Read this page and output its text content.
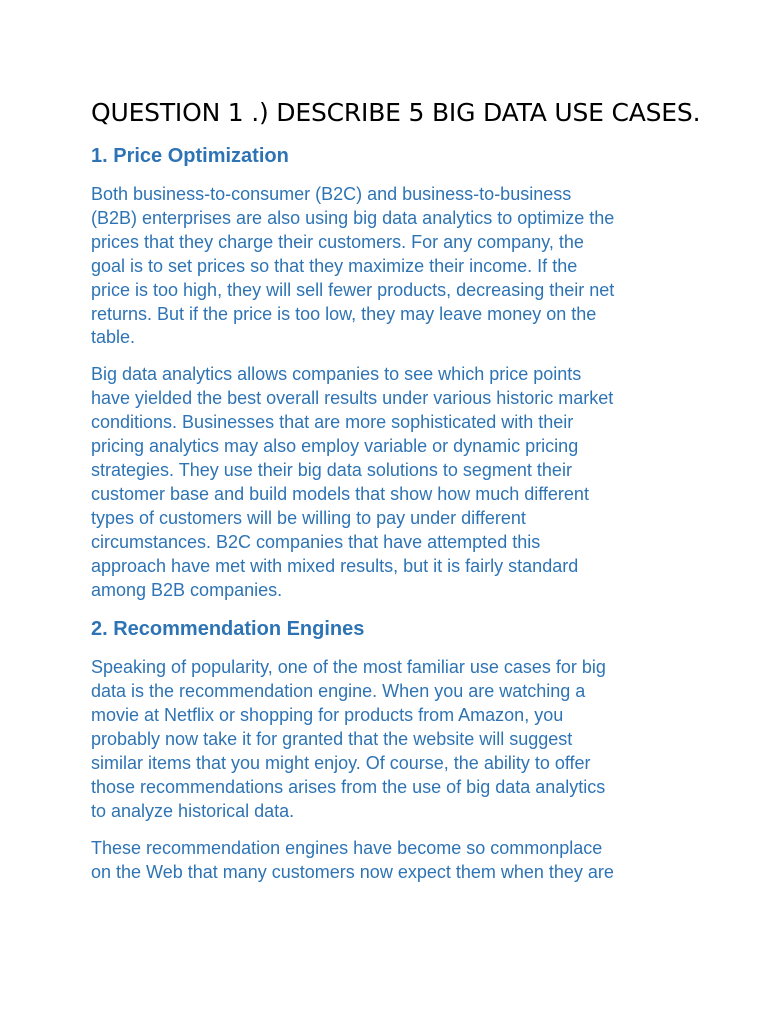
QUESTION 1 .) DESCRIBE 5 BIG DATA USE CASES.
1. Price Optimization
Both business-to-consumer (B2C) and business-to-business
(B2B) enterprises are also using big data analytics to optimize the
prices that they charge their customers. For any company, the
goal is to set prices so that they maximize their income. If the
price is too high, they will sell fewer products, decreasing their net
returns. But if the price is too low, they may leave money on the
table.
Big data analytics allows companies to see which price points
have yielded the best overall results under various historic market
conditions. Businesses that are more sophisticated with their
pricing analytics may also employ variable or dynamic pricing
strategies. They use their big data solutions to segment their
customer base and build models that show how much different
types of customers will be willing to pay under different
circumstances. B2C companies that have attempted this
approach have met with mixed results, but it is fairly standard
among B2B companies.
2. Recommendation Engines
Speaking of popularity, one of the most familiar use cases for big
data is the recommendation engine. When you are watching a
movie at Netflix or shopping for products from Amazon, you
probably now take it for granted that the website will suggest
similar items that you might enjoy. Of course, the ability to offer
those recommendations arises from the use of big data analytics
to analyze historical data.
These recommendation engines have become so commonplace
on the Web that many customers now expect them when they are
